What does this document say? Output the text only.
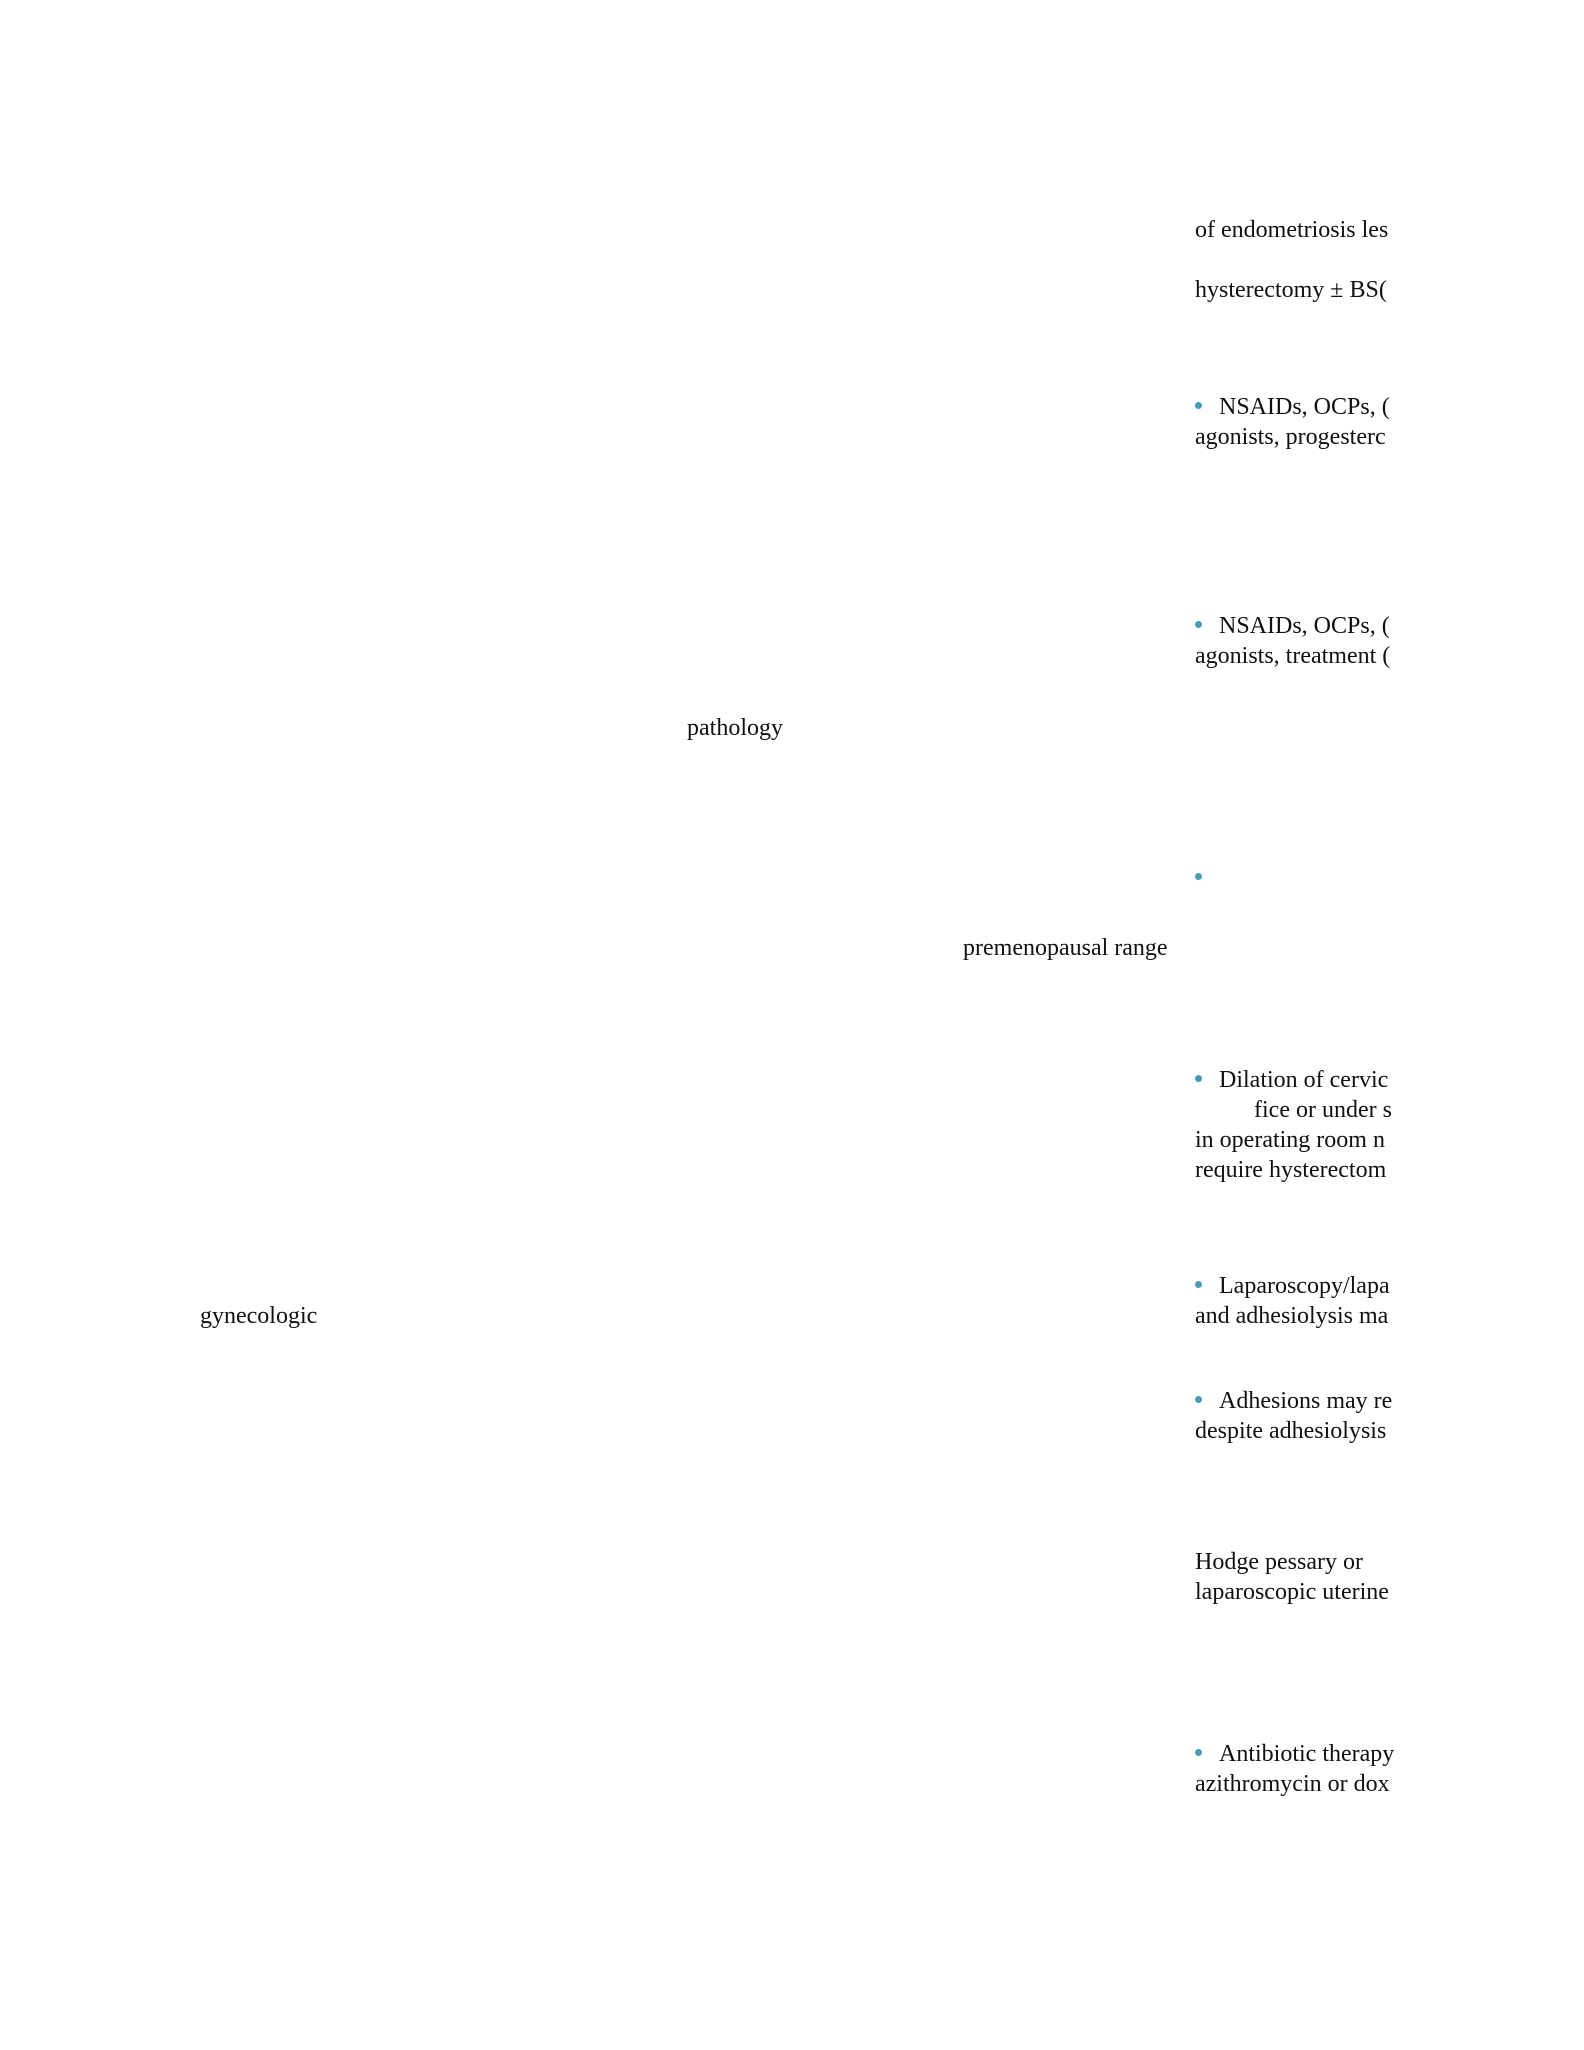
pathology
premenopausal range
gynecologic
of endometriosis les
hysterectomy ± BS(
NSAIDs, OCPs, (
agonists, progesterc
NSAIDs, OCPs, (
agonists, treatment (
Dilation of cervic
fice or under s
in operating room n
require hysterectom
Laparoscopy/lapa
and adhesiolysis ma
Adhesions may re
despite adhesiolysis
Hodge pessary or
laparoscopic uterine
Antibiotic therapy
azithromycin or dox
